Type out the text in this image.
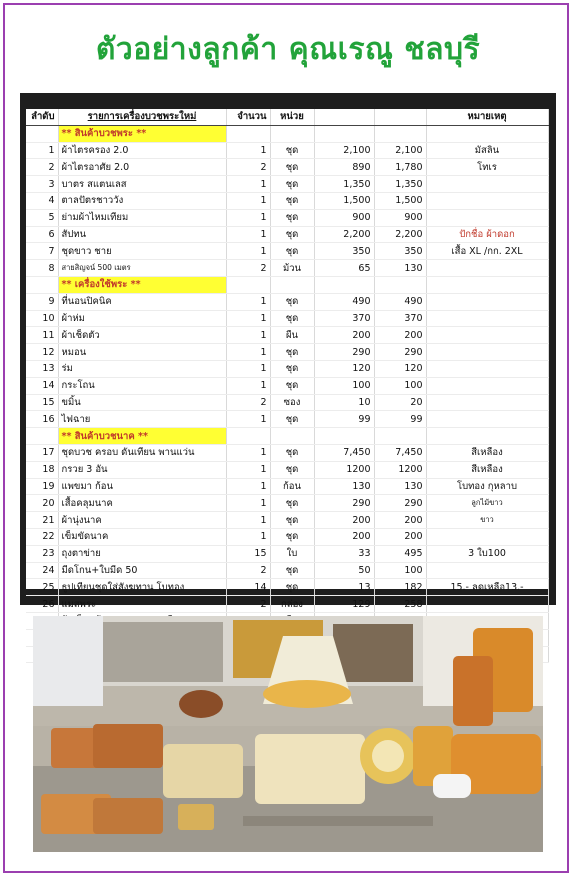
ตัวอย่างลูกค้า คุณเรณู ชลบุรี
ลำดับ	รายการเครื่องบวชพระใหม่	จำนวน	หน่วย			หมายเหตุ
	** สินค้าบวชพระ **					
1	ผ้าไตรครอง 2.0	1	ชุด	2,100	2,100	มัสลิน
2	ผ้าไตรอาศัย 2.0	2	ชุด	890	1,780	โทเร
3	บาตร สแตนเลส	1	ชุด	1,350	1,350	
4	ตาลปัตรชาววัง	1	ชุด	1,500	1,500	
5	ย่ามผ้าไหมเทียม	1	ชุด	900	900	
6	สัปทน	1	ชุด	2,200	2,200	ปักชื่อ ผ้าดอก
7	ชุดขาว ชาย	1	ชุด	350	350	เสื้อ XL /กก. 2XL
8	สายสิญจน์ 500 เมตร	2	ม้วน	65	130	
	** เครื่องใช้พระ **					
9	ที่นอนปิคนิค	1	ชุด	490	490	
10	ผ้าห่ม	1	ชุด	370	370	
11	ผ้าเช็ดตัว	1	ผืน	200	200	
12	หมอน	1	ชุด	290	290	
13	ร่ม	1	ชุด	120	120	
14	กระโถน	1	ชุด	100	100	
15	ขมิ้น	2	ซอง	10	20	
16	ไฟฉาย	1	ชุด	99	99	
	** สินค้าบวชนาค **					
17	ชุดบวช ครอบ ดันเทียน พานแว่น	1	ชุด	7,450	7,450	สีเหลือง
18	กรวย 3 อัน	1	ชุด	1200	1200	สีเหลือง
19	แพขมา ก้อน	1	ก้อน	130	130	โบทอง กุหลาบ
20	เสื้อคลุมนาค	1	ชุด	290	290	ลูกไม้ขาว
21	ผ้านุ่งนาค	1	ชุด	200	200	ขาว
22	เข็มขัดนาค	1	ชุด	200	200	
23	ถุงตาข่าย	15	ใบ	33	495	3 ใบ100
24	มีดโกน+ใบมีด 50	2	ชุด	50	100	
25	ธูปเทียนชุดใส่สังฆทาน โบทอง	14	ชุด	13	182	15.- ลดเหลือ13.-
26	แมสพระ	2	กล่อง	129	258	
